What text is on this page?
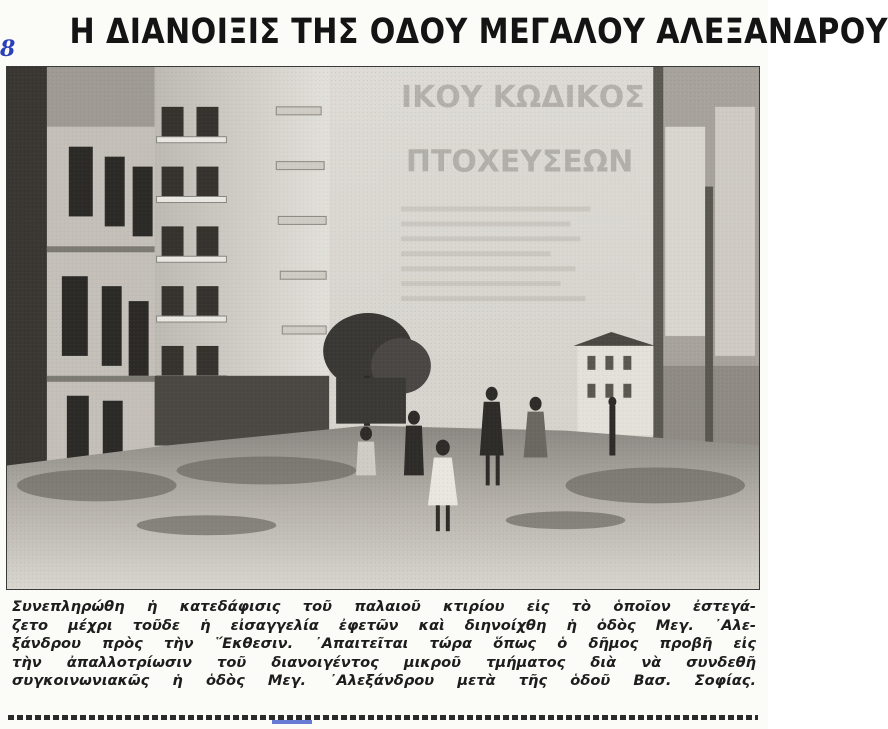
8 Η ΔΙΑΝΟΙΞΙΣ ΤΗΣ ΟΔΟΥ ΜΕΓΑΛΟΥ ΑΛΕΞΑΝΔΡΟΥ
Συνεπληρώθη ἡ κατεδάφισις τοῦ παλαιοῦ κτιρίου εἰς τὸ ὁποῖον ἐστεγά-
ζετο μέχρι τοῦδε ἡ εἰσαγγελία ἐφετῶν καὶ διηνοίχθη ἡ ὁδὸς Μεγ. ᾽Αλε-
ξάνδρου πρὸς τὴν ῞Εκθεσιν. ᾽Απαιτεῖται τώρα ὅπως ὁ δῆμος προβῆ εἰς
τὴν ἀπαλλοτρίωσιν τοῦ διανοιγέντος μικροῦ τμήματος διὰ νὰ συνδεθῆ
συγκοινωνιακῶς ἡ ὁδὸς Μεγ. ᾽Αλεξάνδρου μετὰ τῆς ὁδοῦ Βασ. Σοφίας.
